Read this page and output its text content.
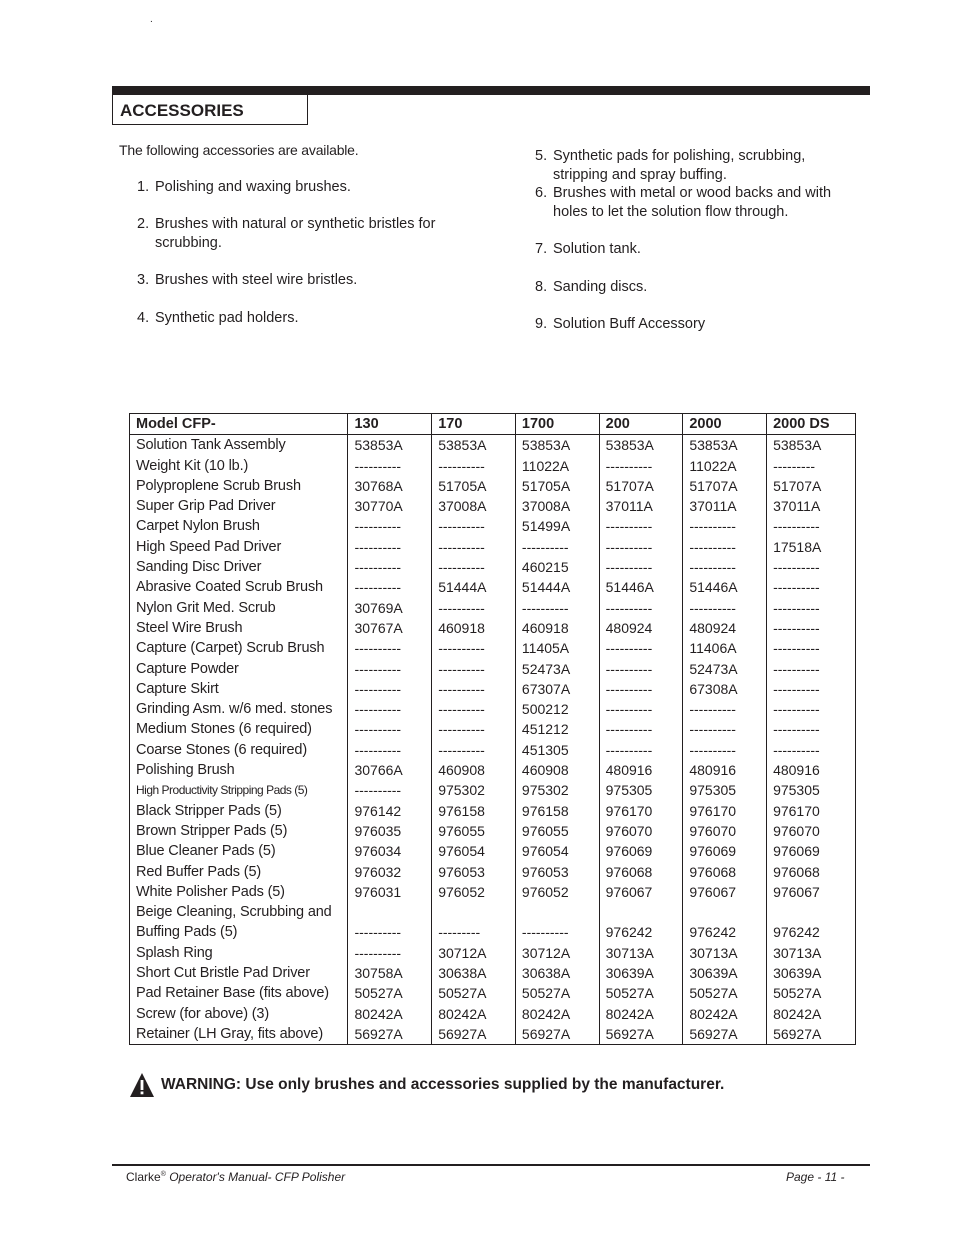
.
ACCESSORIES
The following accessories are available.
1. Polishing and waxing brushes.
2. Brushes with natural or synthetic bristles for scrubbing.
3. Brushes with steel wire bristles.
4. Synthetic pad holders.
5. Synthetic pads for polishing, scrubbing, stripping and spray buffing.
6. Brushes with metal or wood backs and with holes to let the solution flow through.
7. Solution tank.
8. Sanding discs.
9. Solution Buff Accessory
Model CFP-	130	170	1700	200	2000	2000 DS
Solution Tank Assembly	53853A	53853A	53853A	53853A	53853A	53853A
Weight Kit (10 lb.)	----------	----------	11022A	----------	11022A	---------
Polyproplene Scrub Brush	30768A	51705A	51705A	51707A	51707A	51707A
Super Grip Pad Driver	30770A	37008A	37008A	37011A	37011A	37011A
Carpet Nylon Brush	----------	----------	51499A	----------	----------	----------
High Speed Pad Driver	----------	----------	----------	----------	----------	17518A
Sanding Disc Driver	----------	----------	460215	----------	----------	----------
Abrasive Coated Scrub Brush	----------	51444A	51444A	51446A	51446A	----------
Nylon Grit Med. Scrub	30769A	----------	----------	----------	----------	----------
Steel Wire Brush	30767A	460918	460918	480924	480924	----------
Capture (Carpet) Scrub Brush	----------	----------	11405A	----------	11406A	----------
Capture Powder	----------	----------	52473A	----------	52473A	----------
Capture Skirt	----------	----------	67307A	----------	67308A	----------
Grinding Asm. w/6 med. stones	----------	----------	500212	----------	----------	----------
Medium Stones (6 required)	----------	----------	451212	----------	----------	----------
Coarse Stones (6 required)	----------	----------	451305	----------	----------	----------
Polishing Brush	30766A	460908	460908	480916	480916	480916
High Productivity Stripping Pads (5)	----------	975302	975302	975305	975305	975305
Black Stripper Pads (5)	976142	976158	976158	976170	976170	976170
Brown Stripper Pads (5)	976035	976055	976055	976070	976070	976070
Blue Cleaner Pads (5)	976034	976054	976054	976069	976069	976069
Red Buffer Pads (5)	976032	976053	976053	976068	976068	976068
White Polisher Pads (5)	976031	976052	976052	976067	976067	976067
Beige Cleaning, Scrubbing and Buffing Pads (5)	----------	---------	----------	976242	976242	976242
Splash Ring	----------	30712A	30712A	30713A	30713A	30713A
Short Cut Bristle Pad Driver	30758A	30638A	30638A	30639A	30639A	30639A
Pad Retainer Base (fits above)	50527A	50527A	50527A	50527A	50527A	50527A
Screw (for above) (3)	80242A	80242A	80242A	80242A	80242A	80242A
Retainer (LH Gray, fits above)	56927A	56927A	56927A	56927A	56927A	56927A
WARNING: Use only brushes and accessories supplied by the manufacturer.
Clarke® Operator's Manual- CFP Polisher	Page - 11 -
